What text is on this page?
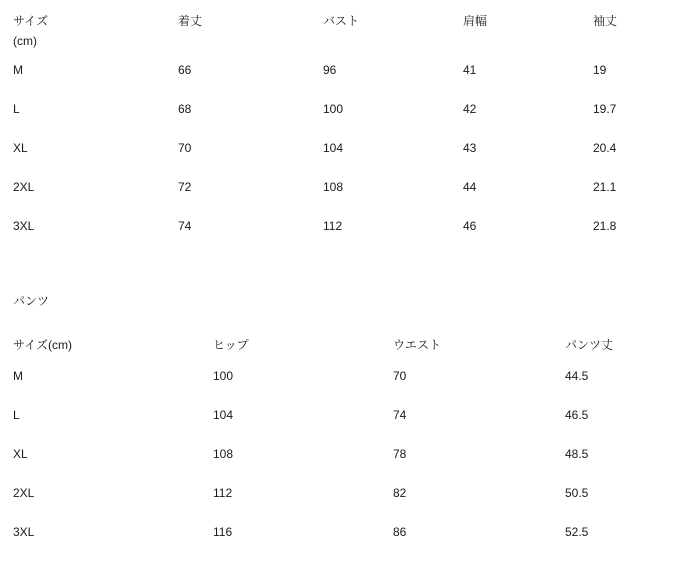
サイズ
(cm)	着丈	バスト	肩幅	袖丈
M	66	96	41	19
L	68	100	42	19.7
XL	70	104	43	20.4
2XL	72	108	44	21.1
3XL	74	112	46	21.8
パンツ
サイズ(cm)	ヒップ	ウエスト	パンツ丈
M	100	70	44.5
L	104	74	46.5
XL	108	78	48.5
2XL	112	82	50.5
3XL	116	86	52.5
